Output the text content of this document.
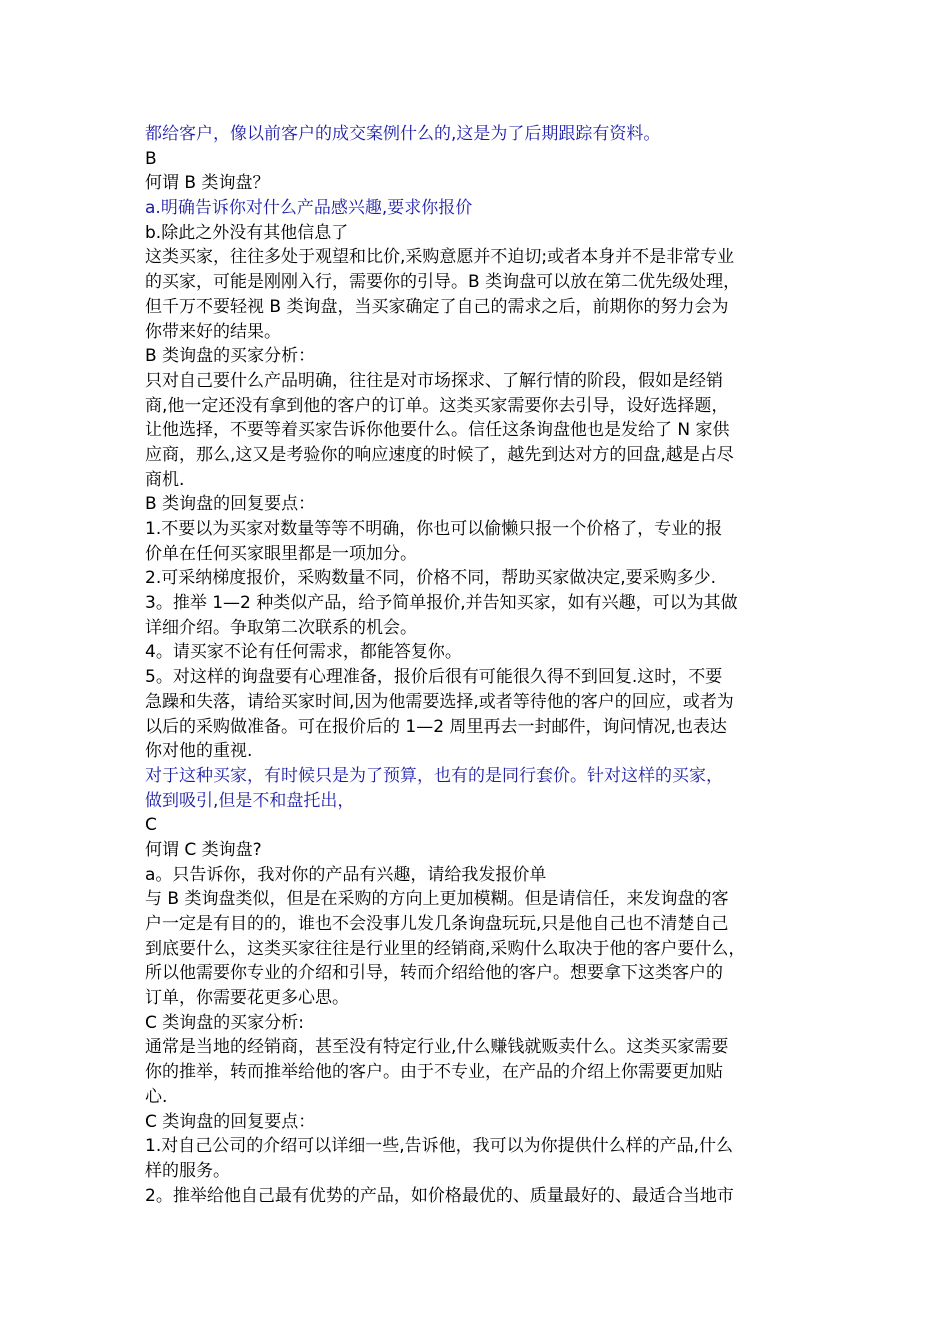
都给客户，像以前客户的成交案例什么的,这是为了后期跟踪有资料。
B
何谓 B 类询盘？
a.明确告诉你对什么产品感兴趣,要求你报价
b.除此之外没有其他信息了
这类买家，往往多处于观望和比价,采购意愿并不迫切;或者本身并不是非常专业
的买家，可能是刚刚入行，需要你的引导。B 类询盘可以放在第二优先级处理，
但千万不要轻视 B 类询盘，当买家确定了自己的需求之后，前期你的努力会为
你带来好的结果。
B 类询盘的买家分析：
只对自己要什么产品明确，往往是对市场探求、了解行情的阶段，假如是经销
商,他一定还没有拿到他的客户的订单。这类买家需要你去引导，设好选择题，
让他选择，不要等着买家告诉你他要什么。信任这条询盘他也是发给了 N 家供
应商，那么,这又是考验你的响应速度的时候了，越先到达对方的回盘,越是占尽
商机.
B 类询盘的回复要点：
1.不要以为买家对数量等等不明确，你也可以偷懒只报一个价格了，专业的报
价单在任何买家眼里都是一项加分。
2.可采纳梯度报价，采购数量不同，价格不同，帮助买家做决定,要采购多少.
3。推举 1—2 种类似产品，给予简单报价,并告知买家，如有兴趣，可以为其做
详细介绍。争取第二次联系的机会。
4。请买家不论有任何需求，都能答复你。
5。对这样的询盘要有心理准备，报价后很有可能很久得不到回复.这时，不要
急躁和失落，请给买家时间,因为他需要选择,或者等待他的客户的回应，或者为
以后的采购做准备。可在报价后的 1—2 周里再去一封邮件，询问情况,也表达
你对他的重视.
对于这种买家，有时候只是为了预算，也有的是同行套价。针对这样的买家，
做到吸引,但是不和盘托出，
C
何谓 C 类询盘?
a。只告诉你，我对你的产品有兴趣，请给我发报价单
与 B 类询盘类似，但是在采购的方向上更加模糊。但是请信任，来发询盘的客
户一定是有目的的，谁也不会没事儿发几条询盘玩玩,只是他自己也不清楚自己
到底要什么，这类买家往往是行业里的经销商,采购什么取决于他的客户要什么，
所以他需要你专业的介绍和引导，转而介绍给他的客户。想要拿下这类客户的
订单，你需要花更多心思。
C 类询盘的买家分析:
通常是当地的经销商，甚至没有特定行业,什么赚钱就贩卖什么。这类买家需要
你的推举，转而推举给他的客户。由于不专业，在产品的介绍上你需要更加贴
心.
C 类询盘的回复要点：
1.对自己公司的介绍可以详细一些,告诉他，我可以为你提供什么样的产品,什么
样的服务。
2。推举给他自己最有优势的产品，如价格最优的、质量最好的、最适合当地市
